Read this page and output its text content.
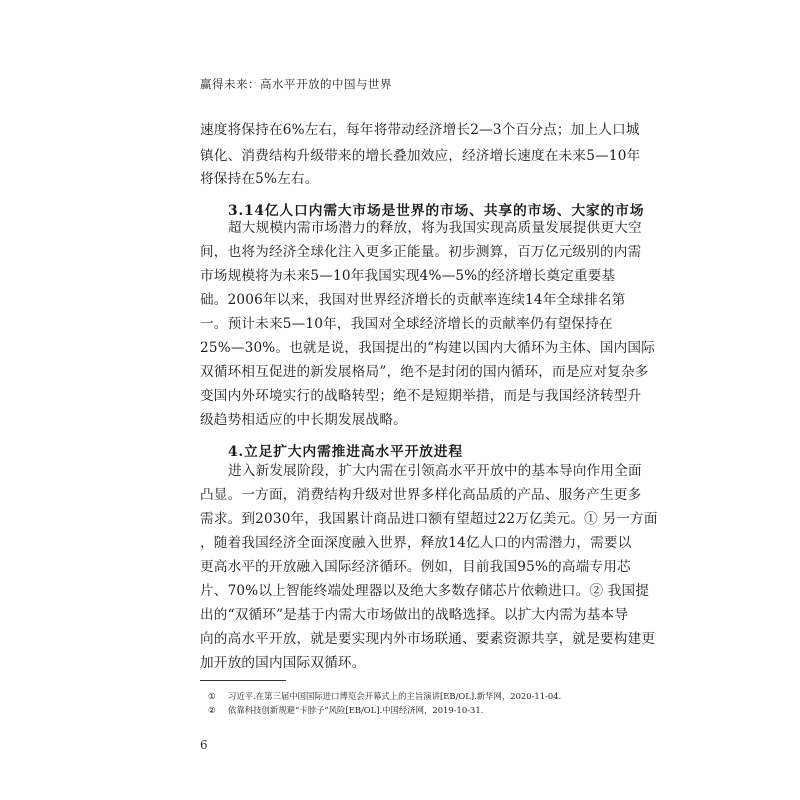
赢得未来：高水平开放的中国与世界
速度将保持在6%左右，每年将带动经济增长2—3个百分点；加上人口城
镇化、消费结构升级带来的增长叠加效应，经济增长速度在未来5—10年
将保持在5%左右。
3.14亿人口内需大市场是世界的市场、共享的市场、大家的市场
超大规模内需市场潜力的释放，将为我国实现高质量发展提供更大空
间，也将为经济全球化注入更多正能量。初步测算，百万亿元级别的内需
市场规模将为未来5—10年我国实现4%—5%的经济增长奠定重要基
础。2006年以来，我国对世界经济增长的贡献率连续14年全球排名第
一。预计未来5—10年，我国对全球经济增长的贡献率仍有望保持在
25%—30%。也就是说，我国提出的“构建以国内大循环为主体、国内国际
双循环相互促进的新发展格局”，绝不是封闭的国内循环，而是应对复杂多
变国内外环境实行的战略转型；绝不是短期举措，而是与我国经济转型升
级趋势相适应的中长期发展战略。
4.立足扩大内需推进高水平开放进程
进入新发展阶段，扩大内需在引领高水平开放中的基本导向作用全面
凸显。一方面，消费结构升级对世界多样化高品质的产品、服务产生更多
需求。到2030年，我国累计商品进口额有望超过22万亿美元。① 另一方面
，随着我国经济全面深度融入世界，释放14亿人口的内需潜力，需要以
更高水平的开放融入国际经济循环。例如，目前我国95%的高端专用芯
片、70%以上智能终端处理器以及绝大多数存储芯片依赖进口。② 我国提
出的“双循环”是基于内需大市场做出的战略选择。以扩大内需为基本导
向的高水平开放，就是要实现内外市场联通、要素资源共享，就是要构建更
加开放的国内国际双循环。
① 习近平.在第三届中国国际进口博览会开幕式上的主旨演讲[EB/OL].新华网，2020-11-04.
② 依靠科技创新规避“卡脖子”风险[EB/OL].中国经济网，2019-10-31.
6
